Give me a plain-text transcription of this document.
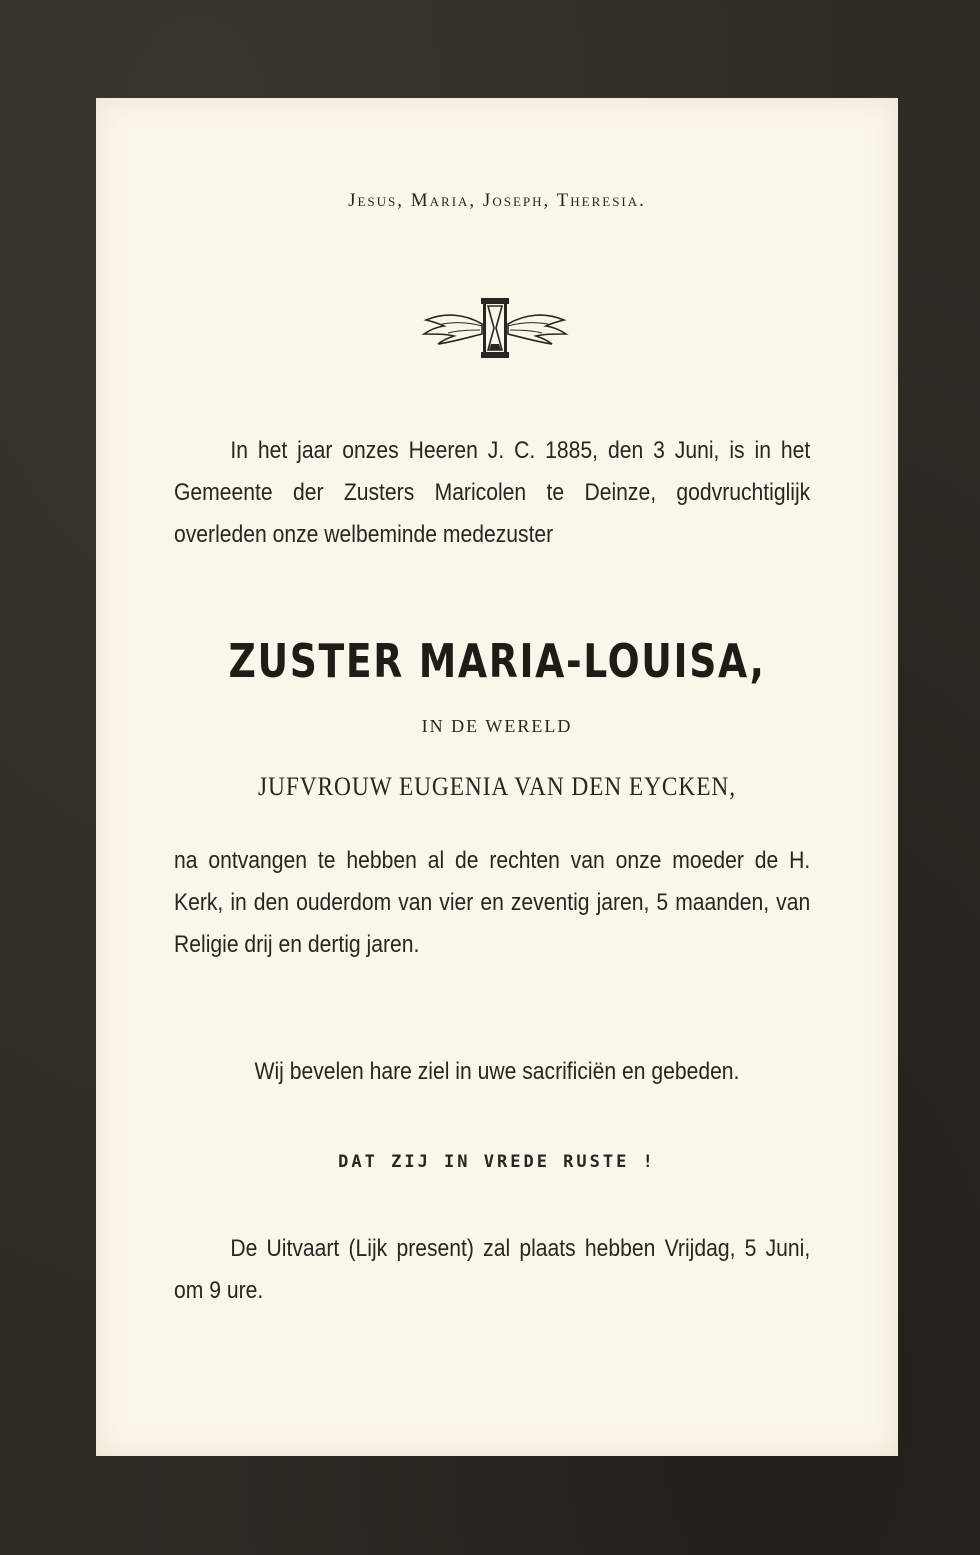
Jesus, Maria, Joseph, Theresia.

In het jaar onzes Heeren J. C. 1885, den 3 Juni, is in het Gemeente der Zusters Maricolen te Deinze, godvruchtiglijk overleden onze welbeminde medezuster

ZUSTER MARIA-LOUISA,
IN DE WERELD
JUFVROUW EUGENIA VAN DEN EYCKEN,

na ontvangen te hebben al de rechten van onze moeder de H. Kerk, in den ouderdom van vier en zeventig jaren, 5 maanden, van Religie drij en dertig jaren.

Wij bevelen hare ziel in uwe sacrificiën en gebeden.
DAT ZIJ IN VREDE RUSTE !

De Uitvaart (Lijk present) zal plaats hebben Vrijdag, 5 Juni, om 9 ure.
